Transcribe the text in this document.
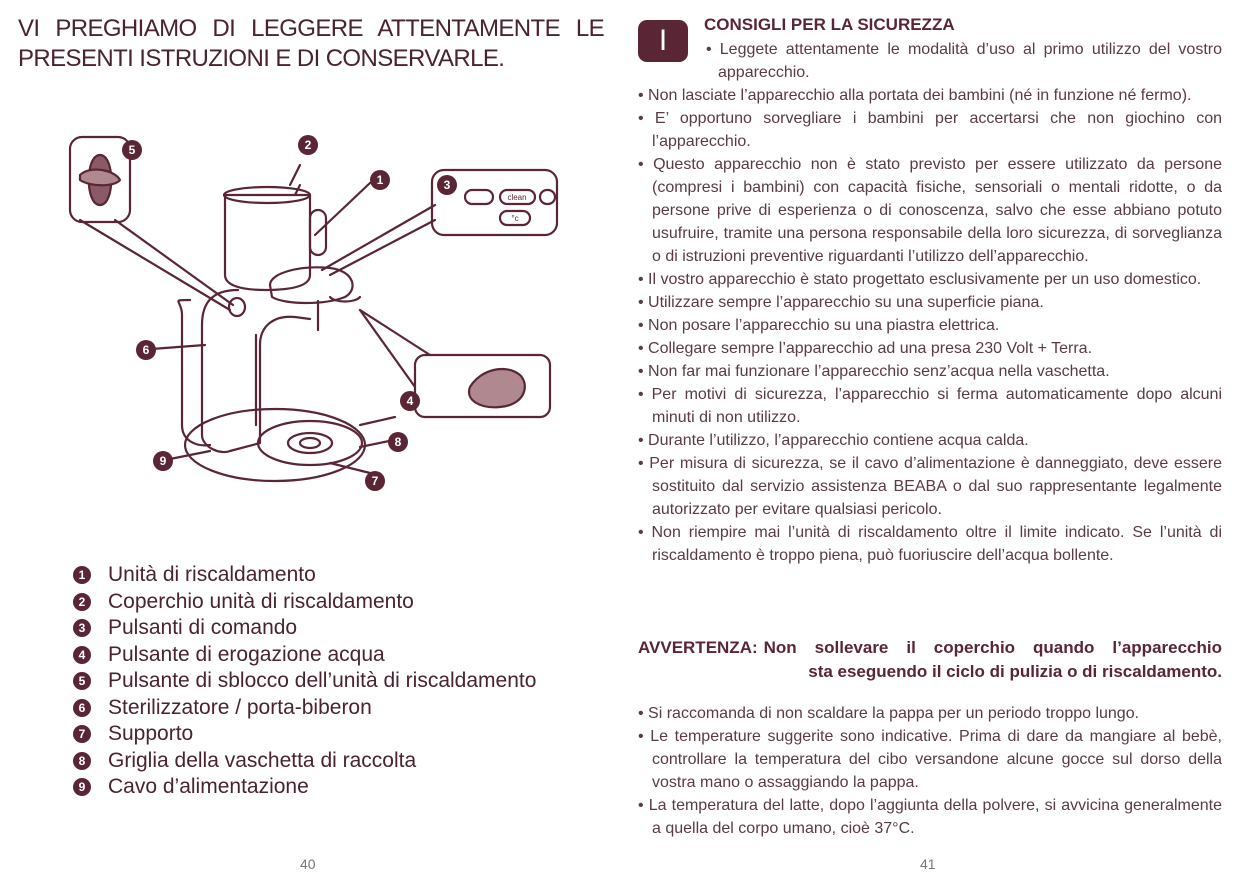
VI PREGHIAMO DI LEGGERE ATTENTAMENTE LE
PRESENTI ISTRUZIONI E DI CONSERVARLE.
clean
°c
5	2
1	3
6
4
8
9
7
1 Unità di riscaldamento
2 Coperchio unità di riscaldamento
3 Pulsanti di comando
4 Pulsante di erogazione acqua
5 Pulsante di sblocco dell’unità di riscaldamento
6 Sterilizzatore / porta-biberon
7 Supporto
8 Griglia della vaschetta di raccolta
9 Cavo d’alimentazione
40
I	CONSIGLI PER LA SICUREZZA

• Leggete attentamente le modalità d’uso al primo utilizzo del vostro apparecchio.

• Non lasciate l’apparecchio alla portata dei bambini (né in funzione né fermo).

• E’ opportuno sorvegliare i bambini per accertarsi che non giochino con l’apparecchio.

• Questo apparecchio non è stato previsto per essere utilizzato da persone (compresi i bambini) con capacità fisiche, sensoriali o mentali ridotte, o da persone prive di esperienza o di conoscenza, salvo che esse abbiano potuto usufruire, tramite una persona responsabile della loro sicurezza, di sorveglianza o di istruzioni preventive riguardanti l’utilizzo dell’apparecchio.

• Il vostro apparecchio è stato progettato esclusivamente per un uso domestico.

• Utilizzare sempre l’apparecchio su una superficie piana.

• Non posare l’apparecchio su una piastra elettrica.

• Collegare sempre l’apparecchio ad una presa 230 Volt + Terra.

• Non far mai funzionare l’apparecchio senz’acqua nella vaschetta.

• Per motivi di sicurezza, l’apparecchio si ferma automaticamente dopo alcuni minuti di non utilizzo.

• Durante l’utilizzo, l’apparecchio contiene acqua calda.

• Per misura di sicurezza, se il cavo d’alimentazione è danneggiato, deve essere sostituito dal servizio assistenza BEABA o dal suo rappresentante legalmente autorizzato per evitare qualsiasi pericolo.

• Non riempire mai l’unità di riscaldamento oltre il limite indicato. Se l’unità di riscaldamento è troppo piena, può fuoriuscire dell’acqua bollente.

AVVERTENZA: Non sollevare il coperchio quando l’apparecchio
sta eseguendo il ciclo di pulizia o di riscaldamento.

• Si raccomanda di non scaldare la pappa per un periodo troppo lungo.

• Le temperature suggerite sono indicative. Prima di dare da mangiare al bebè, controllare la temperatura del cibo versandone alcune gocce sul dorso della vostra mano o assaggiando la pappa.

• La temperatura del latte, dopo l’aggiunta della polvere, si avvicina generalmente a quella del corpo umano, cioè 37°C.

41
